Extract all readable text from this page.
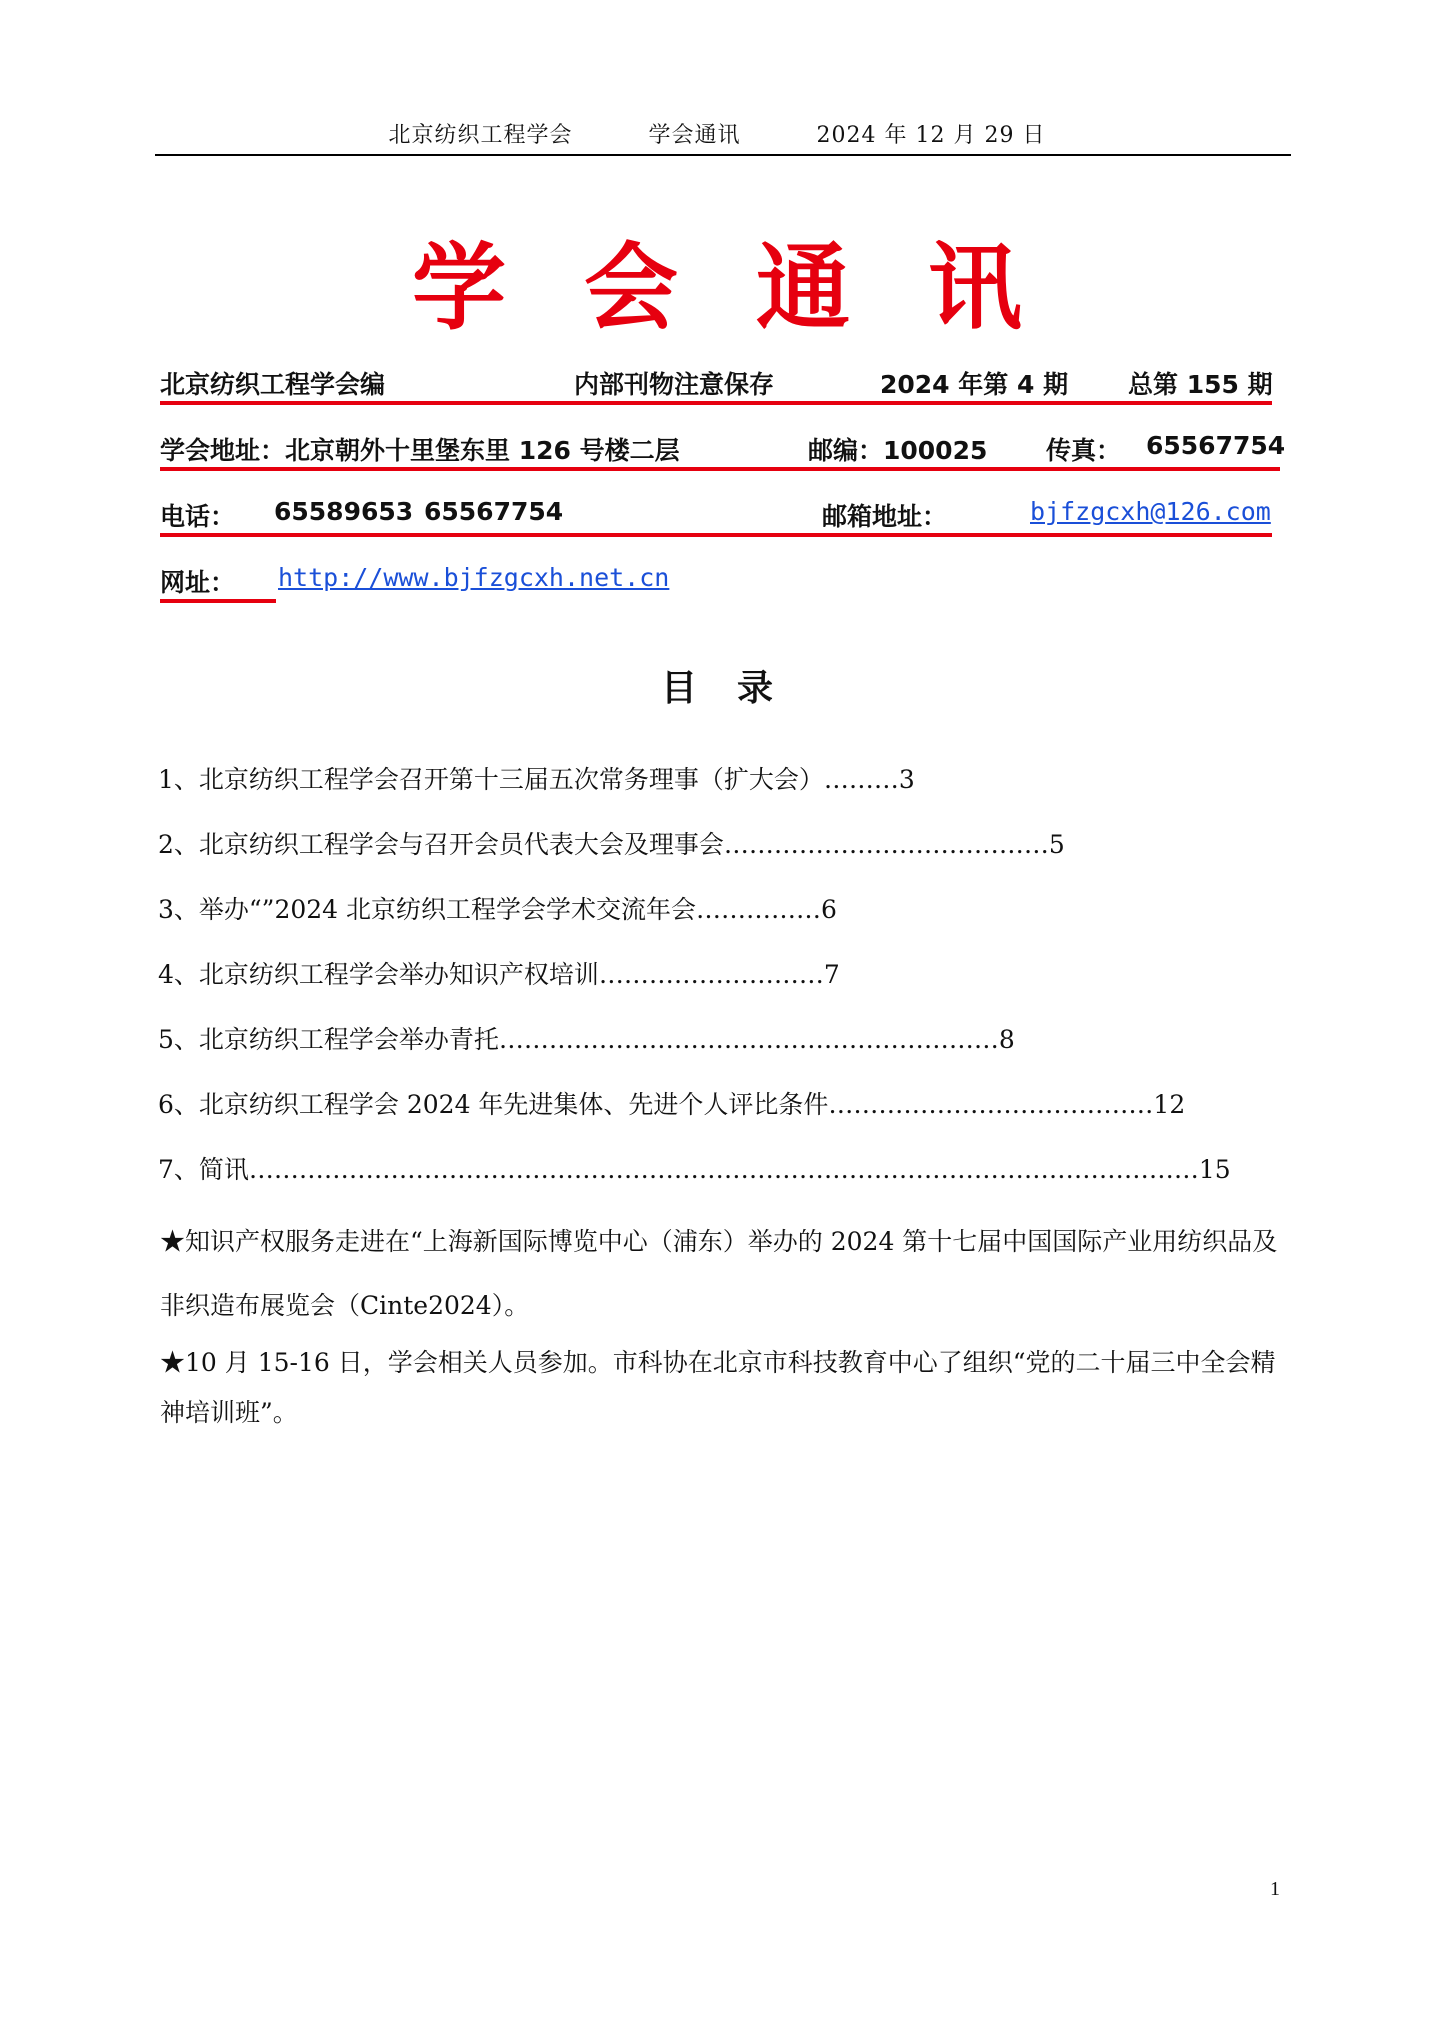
北京纺织工程学会	学会通讯	2024 年 12 月 29 日
学会通讯
北京纺织工程学会编	内部刊物注意保存	2024 年第 4 期 总第 155 期
学会地址：北京朝外十里堡东里 126 号楼二层	邮编：100025 传真： 65567754
电话： 65589653 65567754	邮箱地址：	bjfzgcxh@126.com
网址： http://www.bjfzgcxh.net.cn
目录
1、北京纺织工程学会召开第十三届五次常务理事（扩大会）………3
2、北京纺织工程学会与召开会员代表大会及理事会…………………………………5
3、举办“”2024 北京纺织工程学会学术交流年会……………6
4、北京纺织工程学会举办知识产权培训………………………7
5、北京纺织工程学会举办青托……………………………………………………8
6、北京纺织工程学会 2024 年先进集体、先进个人评比条件…………………………………12
7、简讯……………………………………………………………………………………………………15
★知识产权服务走进在“上海新国际博览中心（浦东）举办的 2024 第十七届中国国际产业用纺织品及非织造布展览会（Cinte2024）。
★10 月 15-16 日，学会相关人员参加。市科协在北京市科技教育中心了组织“党的二十届三中全会精神培训班”。
1
